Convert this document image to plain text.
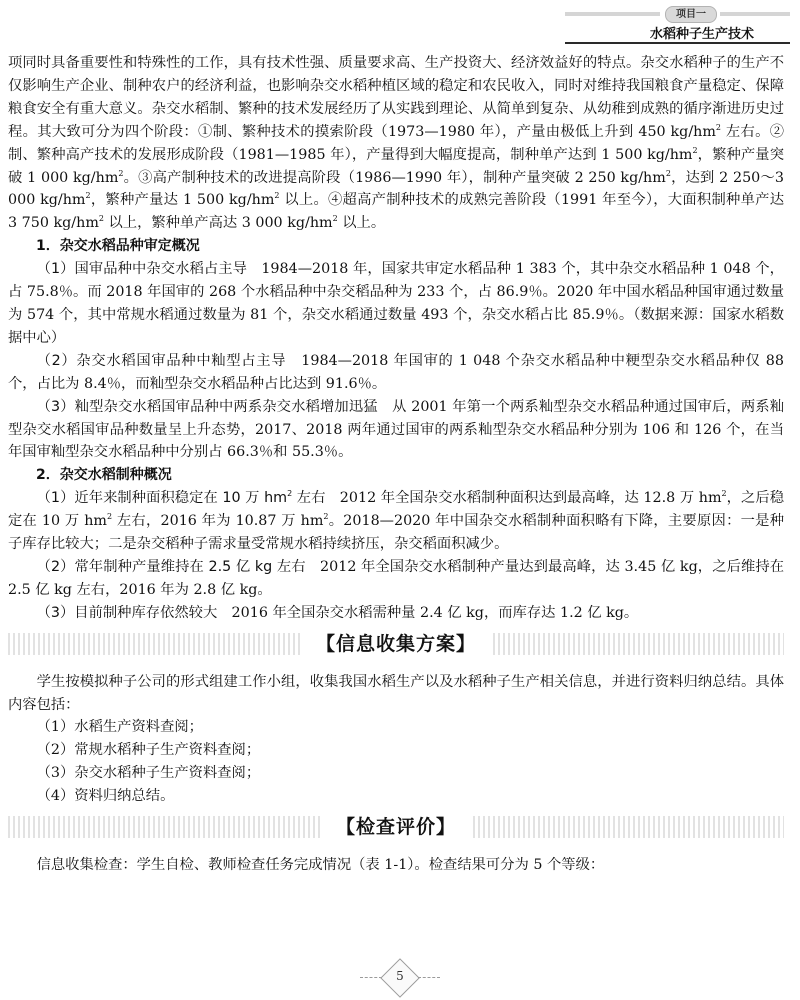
项目一
水稻种子生产技术

项同时具备重要性和特殊性的工作，具有技术性强、质量要求高、生产投资大、经济效益好的特点。杂交水稻种子的生产不仅影响生产企业、制种农户的经济利益，也影响杂交水稻种植区域的稳定和农民收入，同时对维持我国粮食产量稳定、保障粮食安全有重大意义。杂交水稻制、繁种的技术发展经历了从实践到理论、从简单到复杂、从幼稚到成熟的循序渐进历史过程。其大致可分为四个阶段：①制、繁种技术的摸索阶段（1973—1980 年），产量由极低上升到 450 $kg/hm^2$ 左右。②制、繁种高产技术的发展形成阶段（1981—1985 年），产量得到大幅度提高，制种单产达到 1 500 $kg/hm^2$，繁种产量突破 1 000 $kg/hm^2$。③高产制种技术的改进提高阶段（1986—1990 年），制种产量突破 2 250 $kg/hm^2$，达到 2 250～3 000 $kg/hm^2$，繁种产量达 1 500 $kg/hm^2$ 以上。④超高产制种技术的成熟完善阶段（1991 年至今），大面积制种单产达 3 750 $kg/hm^2$ 以上，繁种单产高达 3 000 $kg/hm^2$ 以上。

1．杂交水稻品种审定概况

（1）国审品种中杂交水稻占主导　1984—2018 年，国家共审定水稻品种 1 383 个，其中杂交水稻品种 1 048 个，占 75.8％。而 2018 年国审的 268 个水稻品种中杂交稻品种为 233 个，占 86.9％。2020 年中国水稻品种国审通过数量为 574 个，其中常规水稻通过数量为 81 个，杂交水稻通过数量 493 个，杂交水稻占比 85.9％。（数据来源：国家水稻数据中心）

（2）杂交水稻国审品种中籼型占主导　1984—2018 年国审的 1 048 个杂交水稻品种中粳型杂交水稻品种仅 88 个，占比为 8.4％，而籼型杂交水稻品种占比达到 91.6％。

（3）籼型杂交水稻国审品种中两系杂交水稻增加迅猛　从 2001 年第一个两系籼型杂交水稻品种通过国审后，两系籼型杂交水稻国审品种数量呈上升态势，2017、2018 两年通过国审的两系籼型杂交水稻品种分别为 106 和 126 个，在当年国审籼型杂交水稻品种中分别占 66.3％和 55.3％。

2．杂交水稻制种概况

（1）近年来制种面积稳定在 10 万 $hm^2$ 左右　2012 年全国杂交水稻制种面积达到最高峰，达 12.8 万 $hm^2$，之后稳定在 10 万 $hm^2$ 左右，2016 年为 10.87 万 $hm^2$。2018—2020 年中国杂交水稻制种面积略有下降，主要原因：一是种子库存比较大；二是杂交稻种子需求量受常规水稻持续挤压，杂交稻面积减少。

（2）常年制种产量维持在 2.5 亿 kg 左右　2012 年全国杂交水稻制种产量达到最高峰，达 3.45 亿 kg，之后维持在 2.5 亿 kg 左右，2016 年为 2.8 亿 kg。

（3）目前制种库存依然较大　2016 年全国杂交水稻需种量 2.4 亿 kg，而库存达 1.2 亿 kg。

【信息收集方案】

学生按模拟种子公司的形式组建工作小组，收集我国水稻生产以及水稻种子生产相关信息，并进行资料归纳总结。具体内容包括：

（1）水稻生产资料查阅；

（2）常规水稻种子生产资料查阅；

（3）杂交水稻种子生产资料查阅；

（4）资料归纳总结。

【检查评价】

信息收集检查：学生自检、教师检查任务完成情况（表 1-1）。检查结果可分为 5 个等级：

5
